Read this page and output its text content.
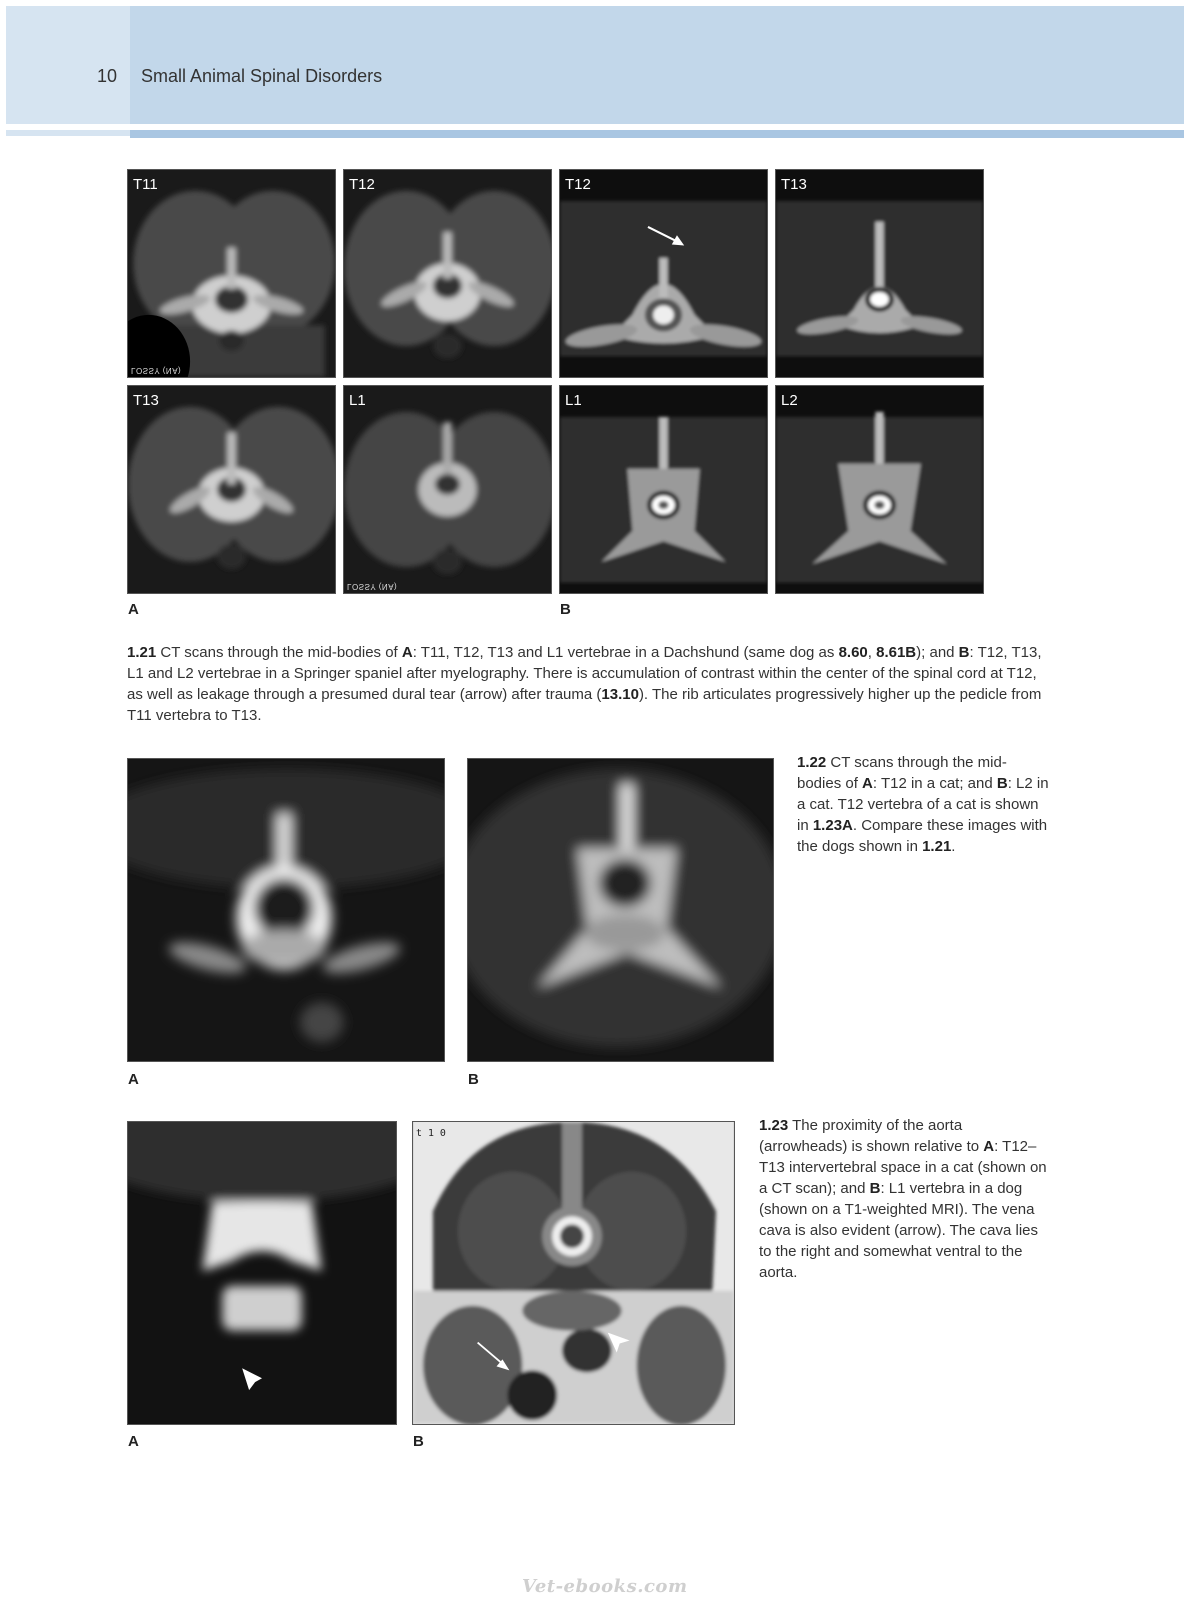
10 Small Animal Spinal Disorders
T11
LOSSY (NA)
T12	T12	T13
T13	L1
LOSSY (NA)
L1	L2
A	B
1.21 CT scans through the mid-bodies of A: T11, T12, T13 and L1 vertebrae in a Dachshund (same dog as 8.60, 8.61B); and B: T12, T13, L1 and L2 vertebrae in a Springer spaniel after myelography. There is accumulation of contrast within the center of the spinal cord at T12, as well as leakage through a presumed dural tear (arrow) after trauma (13.10). The rib articulates progressively higher up the pedicle from T11 vertebra to T13.
A	B
1.22 CT scans through the mid-bodies of A: T12 in a cat; and B: L2 in a cat. T12 vertebra of a cat is shown in 1.23A. Compare these images with the dogs shown in 1.21.
t 1 0
A	B
1.23 The proximity of the aorta (arrowheads) is shown relative to A: T12–T13 intervertebral space in a cat (shown on a CT scan); and B: L1 vertebra in a dog (shown on a T1-weighted MRI). The vena cava is also evident (arrow). The cava lies to the right and somewhat ventral to the aorta.
Vet-ebooks.com
